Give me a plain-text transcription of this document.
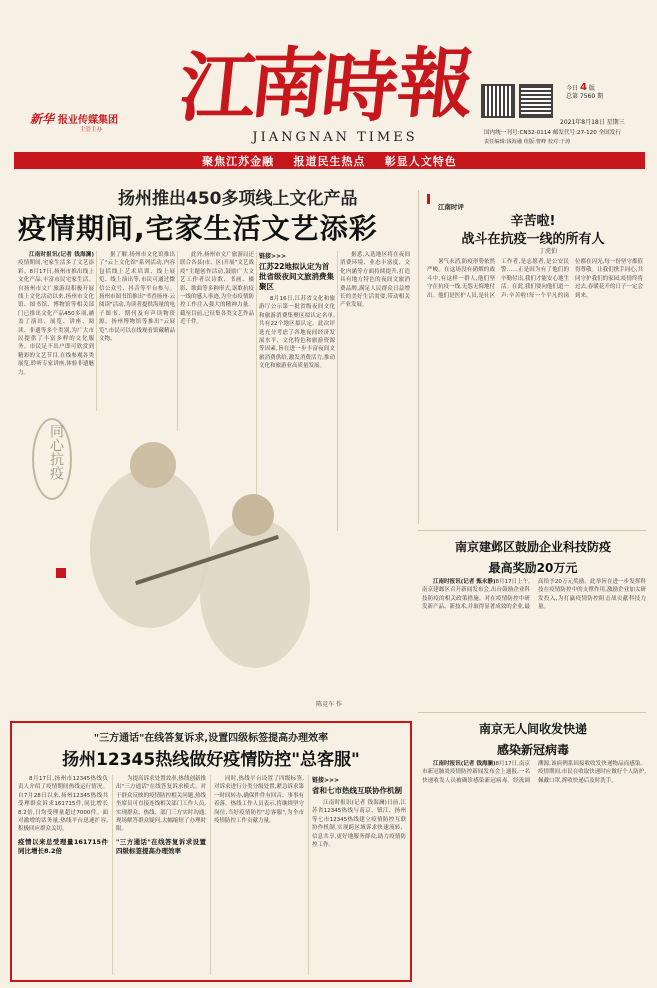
新华 报业传媒集团
主管主办 江
南
時
報
JIANGNAN TIMES
今日 4 版
总第 7560 期
2021年8月18日 星期三
国内统一刊号:CN32-0114 邮发代号:27-120 全国发行
责任编辑:钱海融 组版:曹峰 校对:于涛
聚焦江苏金融    报道民生热点    彰显人文特色
扬州推出450多项线上文化产品
疫情期间,宅家生活文艺添彩

江南时报讯(记者 钱海澜)疫情期间,宅家生活多了文艺添彩。8月17日,扬州市推出线上文化产品,丰富市民宅家生活。自扬州市文广旅游局积极开展线上文化活动以来,扬州市文化馆、图书馆、博物馆等相关部门已推出文化产品450多项,涵盖了演出、展览、讲座、阅读、非遗等多个类别,为广大市民提供了丰富多样的文化服务。市民足不出户即可欣赏到精彩的文艺节目,在线参观各类展览,聆听专家讲座,体验非遗魅力。

据了解,扬州市文化馆推出了"云上文化馆"系列活动,内容包括线上艺术培训、线上展览、线上演出等,市民可通过微信公众号、抖音等平台参与。扬州市图书馆推出"书香扬州·云阅读"活动,为读者提供海量的电子图书、期刊及有声读物资源。扬州博物馆等推出"云展览",市民可以在线观看馆藏精品文物。

此外,扬州市文广旅游局还联合各县(市、区)开展"文艺战疫"主题创作活动,鼓励广大文艺工作者以诗歌、书画、摄影、歌曲等多种形式,讴歌抗疫一线的感人事迹,为全市疫情防控工作注入强大的精神力量。截至目前,已征集各类文艺作品近千件。

链接>>>
江苏22地拟认定为首批省级夜间文旅消费集聚区

8月16日,江苏省文化和旅游厅公示第一批省级夜间文化和旅游消费集聚区拟认定名单,共有22个地区拟认定。此次评选充分考虑了各地夜间经济发展水平、文化特色和旅游资源等因素,旨在进一步丰富夜间文旅消费供给,激发消费活力,推动文化和旅游业高质量发展。

据悉,入选地区将在夜间消费环境、业态丰富度、文化内涵等方面持续提升,打造具有地方特色的夜间文旅消费品牌,满足人民群众日益增长的美好生活需要,带动相关产业发展。

同心抗疫
陈竞车 作
江南时评
辛苦啦!
战斗在抗疫一线的所有人
丁虎伯

暑气未消,防疫形势依然严峻。在这场没有硝烟的战斗中,有这样一群人,他们坚守在抗疫一线,无怨无悔地付出。他们是医护人员,是社区工作者,是志愿者,是公安民警……正是因为有了他们的辛勤付出,我们才能安心地生活。在此,我们要向他们道一声:辛苦啦!每一个平凡的岗位都在闪光,每一份坚守都值得尊敬。让我们携手同心,共同守护我们的家园,疫情终将过去,春暖花开的日子一定会到来。

南京建邺区鼓励企业科技防疫
最高奖励20万元

江南时报讯(记者 甄永静)8月17日上午,南京建邺区召开新闻发布会,出台鼓励企业科技防疫的相关政策措施。对在疫情防控中研发新产品、新技术,并取得显著成效的企业,最高给予20万元奖励。此举旨在进一步发挥科技在疫情防控中的支撑作用,激励企业加大研发投入,为打赢疫情防控阻击战贡献科技力量。

南京无人间收发快递
感染新冠病毒

江南时报讯(记者 钱海澜)8月17日,南京市新冠肺炎疫情防控新闻发布会上通报,一名快递收发人员被确诊感染新冠病毒。经流调溯源,该病例系因接收收发快递物品而感染。疫情期间,市民在收取快递时应做好个人防护,佩戴口罩,拆收快递后及时洗手。

"三方通话"在线答复诉求,设置四级标签提高办理效率
扬州12345热线做好疫情防控"总客服"

8月17日,扬州市12345热线负责人介绍了疫情期间热线运行情况。自7月28日以来,扬州12345热线共受理群众诉求161715件,同比增长8.2倍,日均受理量超过7000件。面对激增的话务量,热线平台迅速扩容,积极回应群众关切。

疫情以来总受理量161715件同比增长8.2倍

为提高诉求处置效率,热线创新推出"三方通话"在线答复诉求模式。对于群众反映的疫情防控相关问题,热线坐席员可直接连线相关部门工作人员,实现群众、热线、部门三方实时沟通,现场解答群众疑问,大幅缩短了办理时限。

"三方通话"在线答复诉求设置四级标签提高办理效率

同时,热线平台设置了四级标签,对诉求进行分类分级处置,紧急诉求第一时间转办,确保件件有回音、事事有着落。热线工作人员表示,将继续坚守岗位,当好疫情防控"总客服",为全市疫情防控工作贡献力量。

链接>>>
省和七市热线互联协作机制

江南时报讯(记者 钱海澜)日前,江苏省12345热线与南京、镇江、扬州等七市12345热线建立疫情防控互联协作机制,实现跨区域诉求快速流转、信息共享,更好地服务群众,助力疫情防控工作。
